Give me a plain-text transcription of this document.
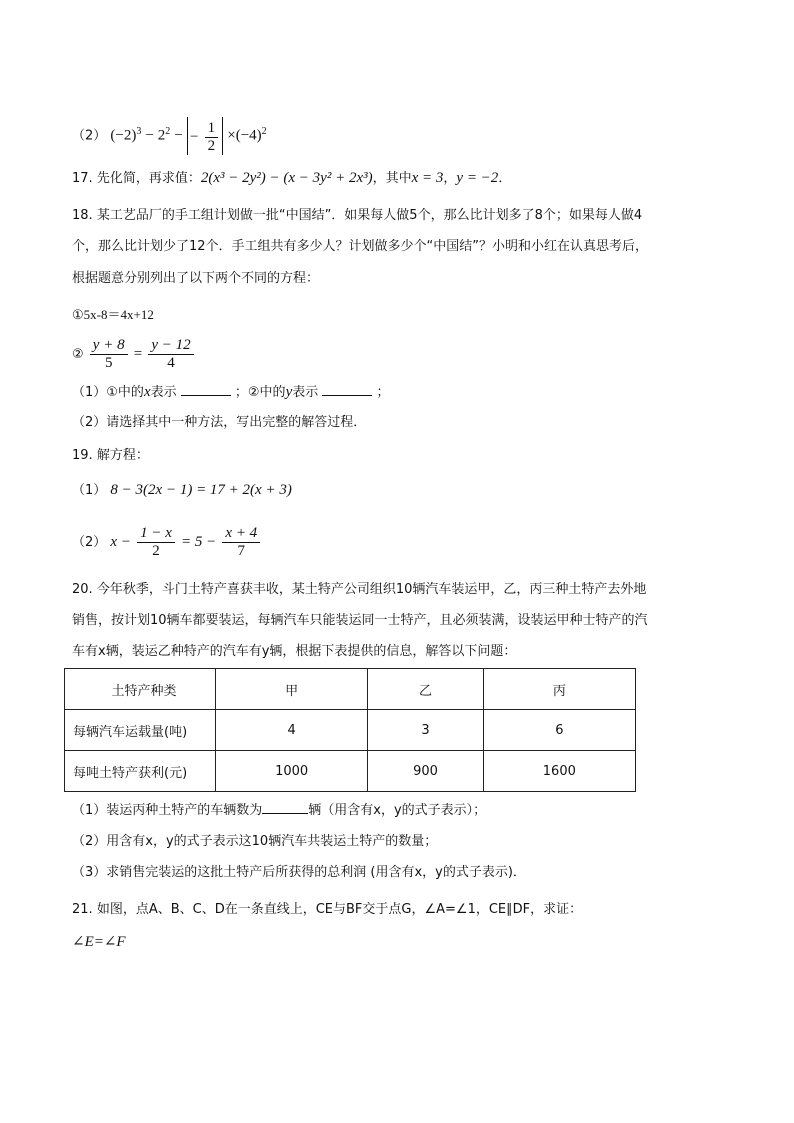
（2） $(-2)^3 - 2^2$ − − $\frac{1}{2} \times(-4)^2$
17. 先化简，再求值：2(x³ − 2y²) − (x − 3y² + 2x³)，其中x = 3，y = −2．
18. 某工艺品厂的手工组计划做一批“中国结”．如果每人做5个，那么比计划多了8个；如果每人做4
个，那么比计划少了12个．手工组共有多少人？计划做多少个“中国结”？小明和小红在认真思考后，
根据题意分别列出了以下两个不同的方程：
①5x-8＝4x+12
② $\frac{y + 8}{5} = \frac{y - 12}{4}$
（1）①中的x表示	；②中的y表示	；
（2）请选择其中一种方法，写出完整的解答过程．
19. 解方程：
（1） 8 − 3(2x − 1) = 17 + 2(x + 3)
（2） $x - \frac{1 - x}{2} = 5 - \frac{x + 4}{7}$
20. 今年秋季，斗门土特产喜获丰收，某土特产公司组织10辆汽车装运甲，乙，丙三种土特产去外地
销售，按计划10辆车都要装运，每辆汽车只能装运同一士特产，且必须装满，设装运甲种士特产的汽
车有x辆，装运乙种特产的汽车有y辆，根据下表提供的信息，解答以下问题：
土特产种类	甲	乙	丙
每辆汽车运载量(吨)	4	3	6
每吨土特产获利(元)	1000	900	1600
（1）装运丙种土特产的车辆数为	辆（用含有x，y的式子表示）；
（2）用含有x，y的式子表示这10辆汽车共装运土特产的数量；
（3）求销售完装运的这批土特产后所获得的总利润 (用含有x，y的式子表示)．
21. 如图，点A、B、C、D在一条直线上，CE与BF交于点G，∠A=∠1，CE∥DF，求证：
∠E=∠F
